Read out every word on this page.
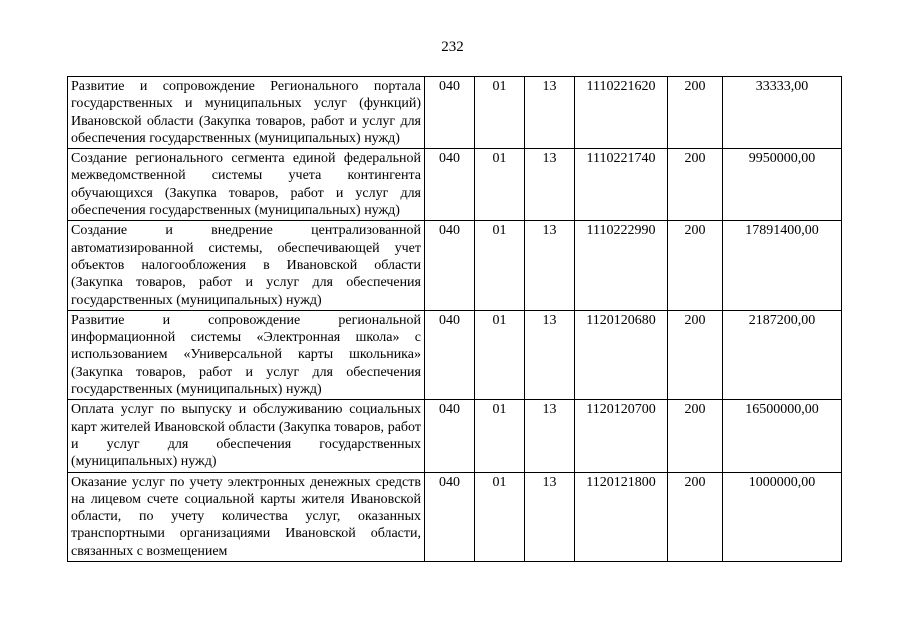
232
Развитие и сопровождение Регионального портала государственных и муниципальных услуг (функций) Ивановской области (Закупка товаров, работ и услуг для обеспечения государственных (муниципальных) нужд)	040	01	13	1110221620	200	33333,00
Создание регионального сегмента единой федеральной межведомственной системы учета контингента обучающихся (Закупка товаров, работ и услуг для обеспечения государственных (муниципальных) нужд)	040	01	13	1110221740	200	9950000,00
Создание и внедрение централизованной автоматизированной системы, обеспечивающей учет объектов налогообложения в Ивановской области (Закупка товаров, работ и услуг для обеспечения государственных (муниципальных) нужд)	040	01	13	1110222990	200	17891400,00
Развитие и сопровождение региональной информационной системы «Электронная школа» с использованием «Универсальной карты школьника» (Закупка товаров, работ и услуг для обеспечения государственных (муниципальных) нужд)	040	01	13	1120120680	200	2187200,00
Оплата услуг по выпуску и обслуживанию социальных карт жителей Ивановской области (Закупка товаров, работ и услуг для обеспечения государственных (муниципальных) нужд)	040	01	13	1120120700	200	16500000,00

Оказание услуг по учету электронных денежных средств на лицевом счете социальной карты жителя Ивановской области, по учету количества услуг, оказанных транспортными организациями Ивановской области, связанных с возмещением	040	01	13	1120121800	200	1000000,00
